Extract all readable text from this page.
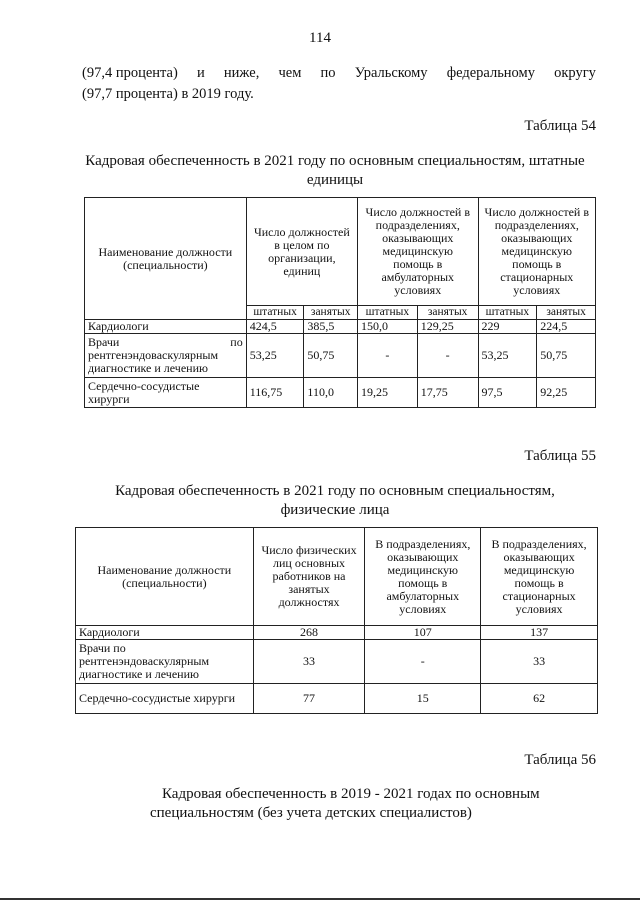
114
(97,4 процента) и ниже, чем по Уральскому федеральному округу
(97,7 процента) в 2019 году.
Таблица 54
Кадровая обеспеченность в 2021 году по основным специальностям, штатные
единицы
Наименование должности (специальности)	Число должностей в целом по организации, единиц		Число должностей в подразделениях, оказывающих медицинскую помощь в амбулаторных условиях		Число должностей в подразделениях, оказывающих медицинскую помощь в стационарных условиях	
	штатных	занятых	штатных	занятых	штатных	занятых
Кардиологи	424,5	385,5	150,0	129,25	229	224,5
Врачи по рентгенэндоваскулярным диагностике и лечению	53,25	50,75	-	-	53,25	50,75
Сердечно-сосудистые хирурги	116,75	110,0	19,25	17,75	97,5	92,25
Таблица 55
Кадровая обеспеченность в 2021 году по основным специальностям,
физические лица
Наименование должности (специальности)	Число физических лиц основных работников на занятых должностях	В подразделениях, оказывающих медицинскую помощь в амбулаторных условиях	В подразделениях, оказывающих медицинскую помощь в стационарных условиях
Кардиологи	268	107	137
Врачи по рентгенэндоваскулярным диагностике и лечению	33	-	33
Сердечно-сосудистые хирурги	77	15	62
Таблица 56
Кадровая обеспеченность в 2019 - 2021 годах по основным
специальностям (без учета детских специалистов)
